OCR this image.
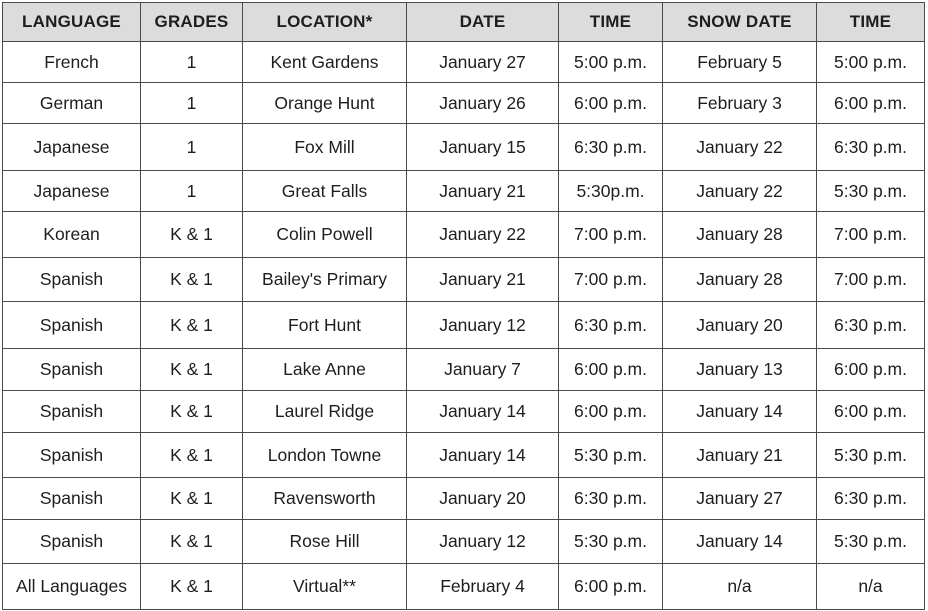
LANGUAGE	GRADES	LOCATION*	DATE	TIME	SNOW DATE	TIME
French	1	Kent Gardens	January 27	5:00 p.m.	February 5	5:00 p.m.
German	1	Orange Hunt	January 26	6:00 p.m.	February 3	6:00 p.m.
Japanese	1	Fox Mill	January 15	6:30 p.m.	January 22	6:30 p.m.
Japanese	1	Great Falls	January 21	5:30p.m.	January 22	5:30 p.m.
Korean	K & 1	Colin Powell	January 22	7:00 p.m.	January 28	7:00 p.m.
Spanish	K & 1	Bailey's Primary	January 21	7:00 p.m.	January 28	7:00 p.m.
Spanish	K & 1	Fort Hunt	January 12	6:30 p.m.	January 20	6:30 p.m.
Spanish	K & 1	Lake Anne	January 7	6:00 p.m.	January 13	6:00 p.m.
Spanish	K & 1	Laurel Ridge	January 14	6:00 p.m.	January 14	6:00 p.m.
Spanish	K & 1	London Towne	January 14	5:30 p.m.	January 21	5:30 p.m.
Spanish	K & 1	Ravensworth	January 20	6:30 p.m.	January 27	6:30 p.m.
Spanish	K & 1	Rose Hill	January 12	5:30 p.m.	January 14	5:30 p.m.
All Languages	K & 1	Virtual**	February 4	6:00 p.m.	n/a	n/a
